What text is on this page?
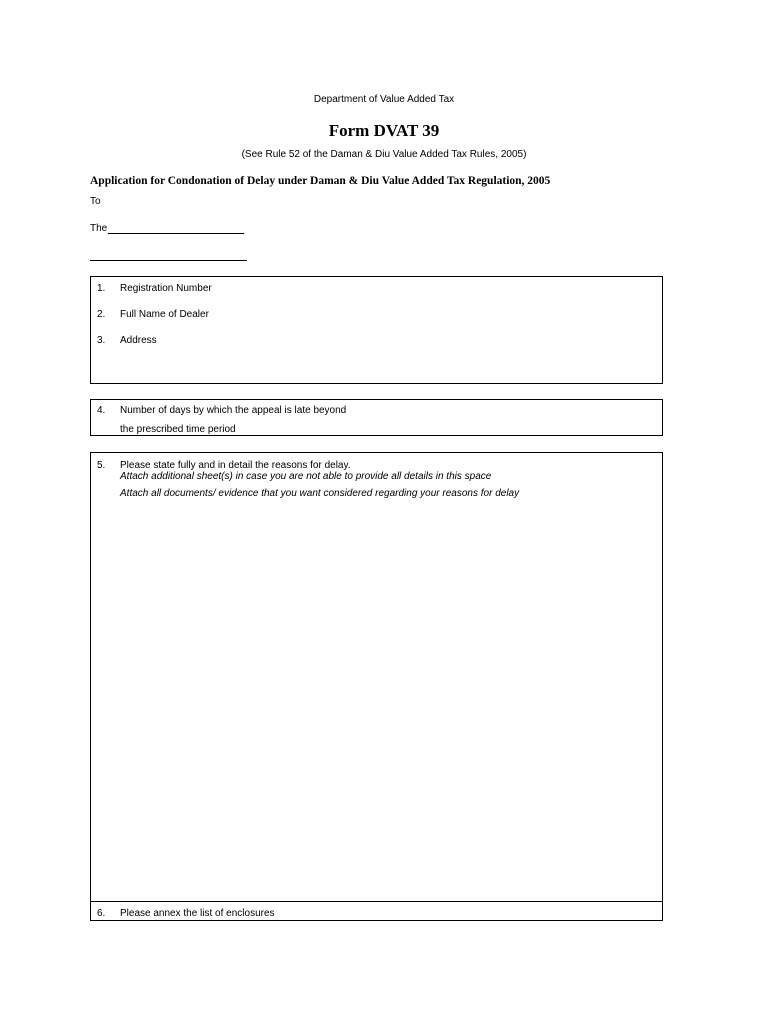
Department of Value Added Tax
Form DVAT 39
(See Rule 52 of the Daman & Diu Value Added Tax Rules, 2005)
Application for Condonation of Delay under Daman & Diu Value Added Tax Regulation, 2005
To
The
1. Registration Number
2. Full Name of Dealer
3. Address
4. Number of days by which the appeal is late beyond
the prescribed time period
5. Please state fully and in detail the reasons for delay.
Attach additional sheet(s) in case you are not able to provide all details in this space
Attach all documents/ evidence that you want considered regarding your reasons for delay
6. Please annex the list of enclosures
